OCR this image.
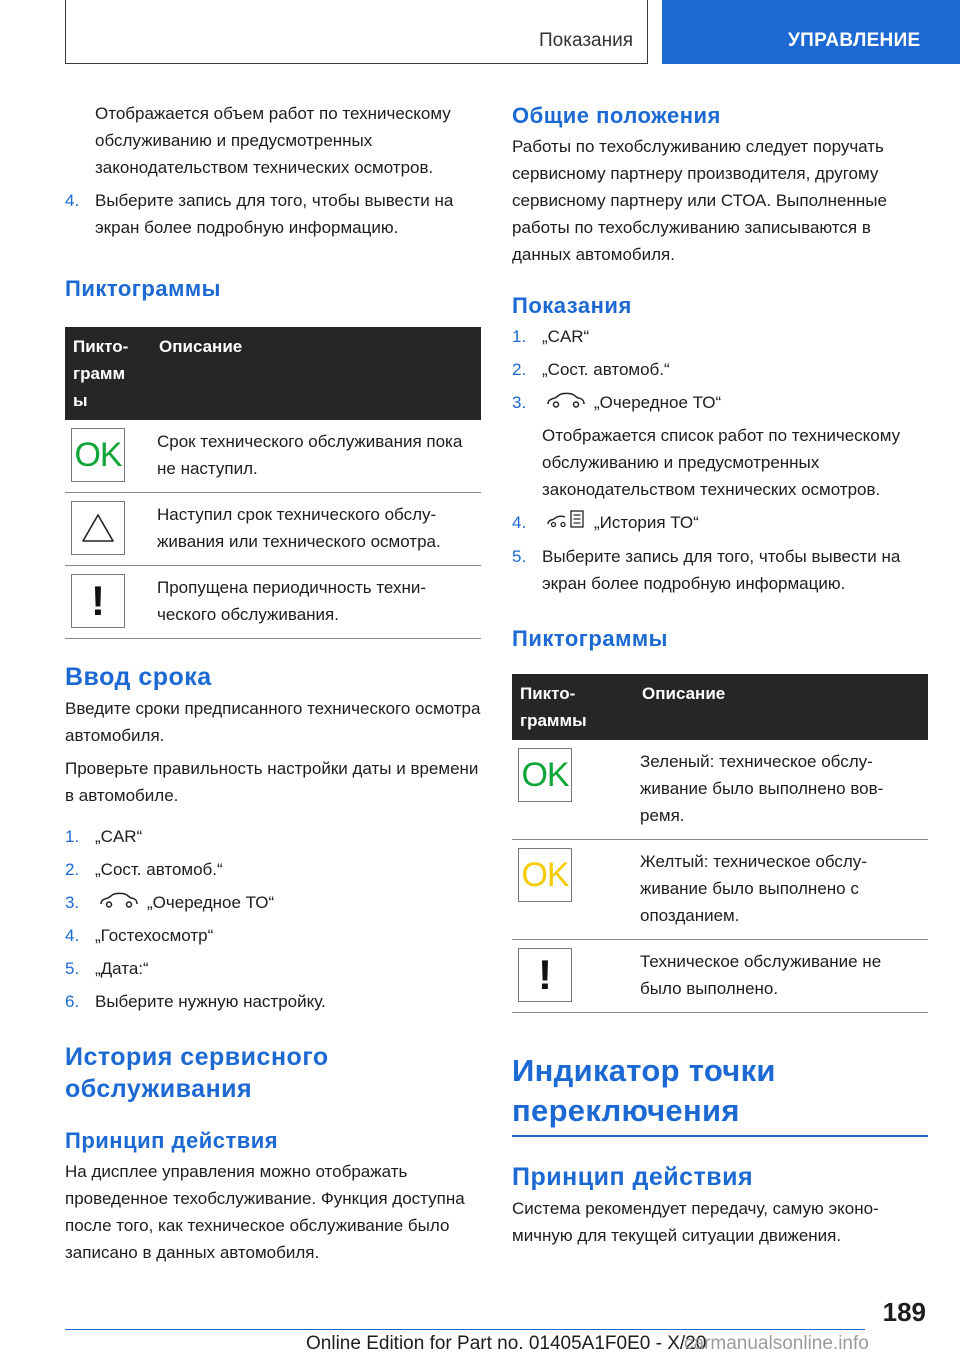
Показания	УПРАВЛЕНИЕ

Отображается объем работ по техническому обслуживанию и предусмотренных законодательством технических осмотров.

4. Выберите запись для того, чтобы вывести на экран более подробную информацию.
Пиктограммы
Пиктограмм ы	Описание

OK	Срок технического обслуживания пока не наступил.

	Наступил срок технического обслуживания или технического осмотра.

!	Пропущена периодичность технического обслуживания.
Ввод срока

Введите сроки предписанного технического осмотра автомобиля.

Проверьте правильность настройки даты и времени в автомобиле.

1. „CAR“
2. „Сост. автомоб.“
3.	„Очередное ТО“
4. „Гостехосмотр“
5. „Дата:“
6. Выберите нужную настройку.
История сервисного обслуживания
Принцип действия

На дисплее управления можно отображать проведенное техобслуживание. Функция доступна после того, как техническое обслуживание было записано в данных автомобиля.

Общие положения

Работы по техобслуживанию следует поручать сервисному партнеру производителя, другому сервисному партнеру или СТОА. Выполненные работы по техобслуживанию записываются в данных автомобиля.

Показания
1. „CAR“
2. „Сост. автомоб.“
3.	„Очередное ТО“

Отображается список работ по техническому обслуживанию и предусмотренных законодательством технических осмотров.

4.	„История ТО“
5. Выберите запись для того, чтобы вывести на экран более подробную информацию.
Пиктограммы
Пиктограммы	Описание

OK	Зеленый: техническое обслуживание было выполнено вовремя.

OK	Желтый: техническое обслуживание было выполнено с опозданием.

!	Техническое обслуживание не было выполнено.
Индикатор точки переключения
Принцип действия

Система рекомендует передачу, самую экономичную для текущей ситуации движения.

189
Online Edition for Part no. 01405A1F0E0 - X/20
carmanualsonline.info
